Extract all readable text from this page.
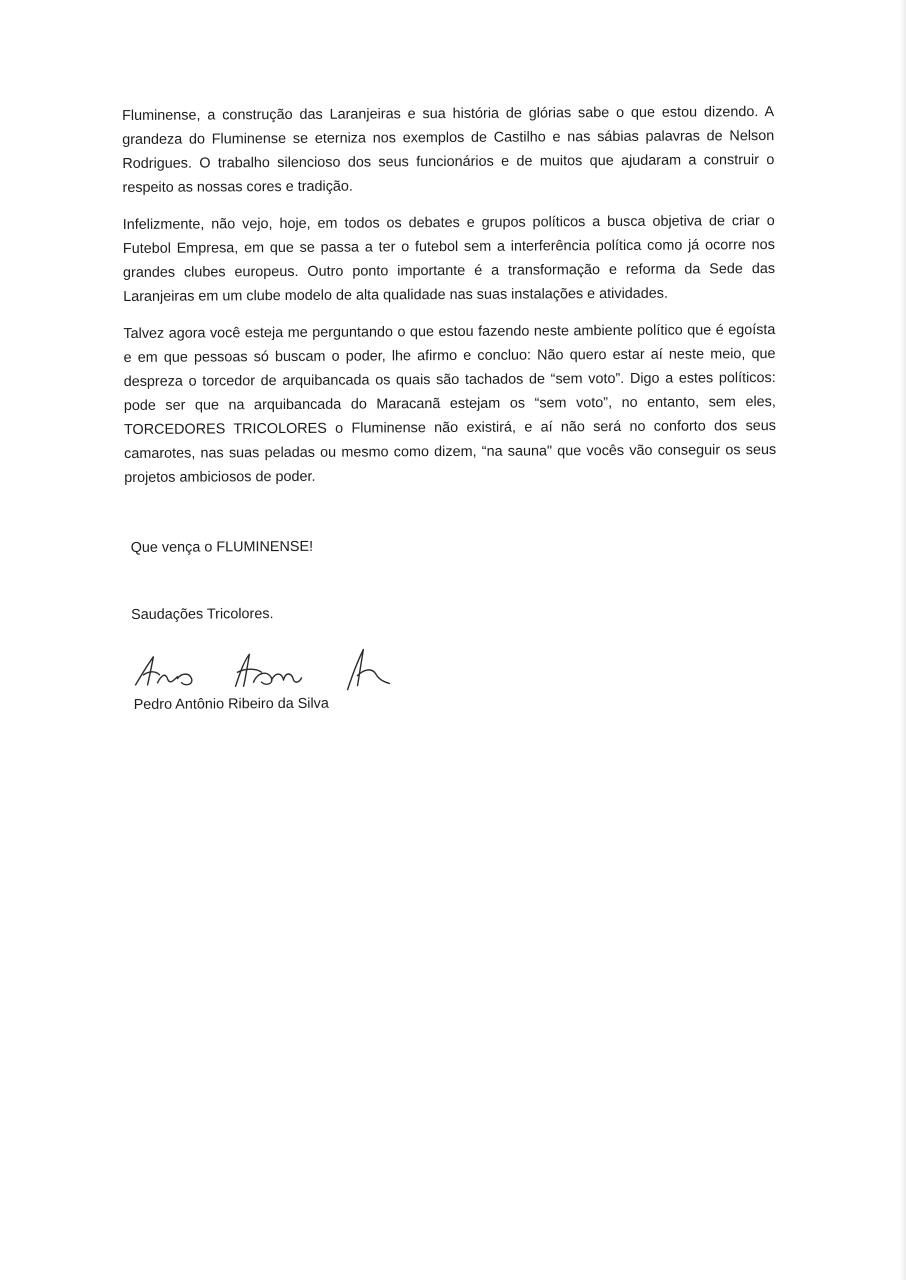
Fluminense, a construção das Laranjeiras e sua história de glórias sabe o que estou dizendo. A grandeza do Fluminense se eterniza nos exemplos de Castilho e nas sábias palavras de Nelson Rodrigues. O trabalho silencioso dos seus funcionários e de muitos que ajudaram a construir o respeito as nossas cores e tradição.

Infelizmente, não vejo, hoje, em todos os debates e grupos políticos a busca objetiva de criar o Futebol Empresa, em que se passa a ter o futebol sem a interferência política como já ocorre nos grandes clubes europeus. Outro ponto importante é a transformação e reforma da Sede das Laranjeiras em um clube modelo de alta qualidade nas suas instalações e atividades.

Talvez agora você esteja me perguntando o que estou fazendo neste ambiente político que é egoísta e em que pessoas só buscam o poder, lhe afirmo e concluo: Não quero estar aí neste meio, que despreza o torcedor de arquibancada os quais são tachados de “sem voto”. Digo a estes políticos: pode ser que na arquibancada do Maracanã estejam os “sem voto”, no entanto, sem eles, TORCEDORES TRICOLORES o Fluminense não existirá, e aí não será no conforto dos seus camarotes, nas suas peladas ou mesmo como dizem, “na sauna" que vocês vão conseguir os seus projetos ambiciosos de poder.

Que vença o FLUMINENSE!
Saudações Tricolores.
Pedro Antônio Ribeiro da Silva
